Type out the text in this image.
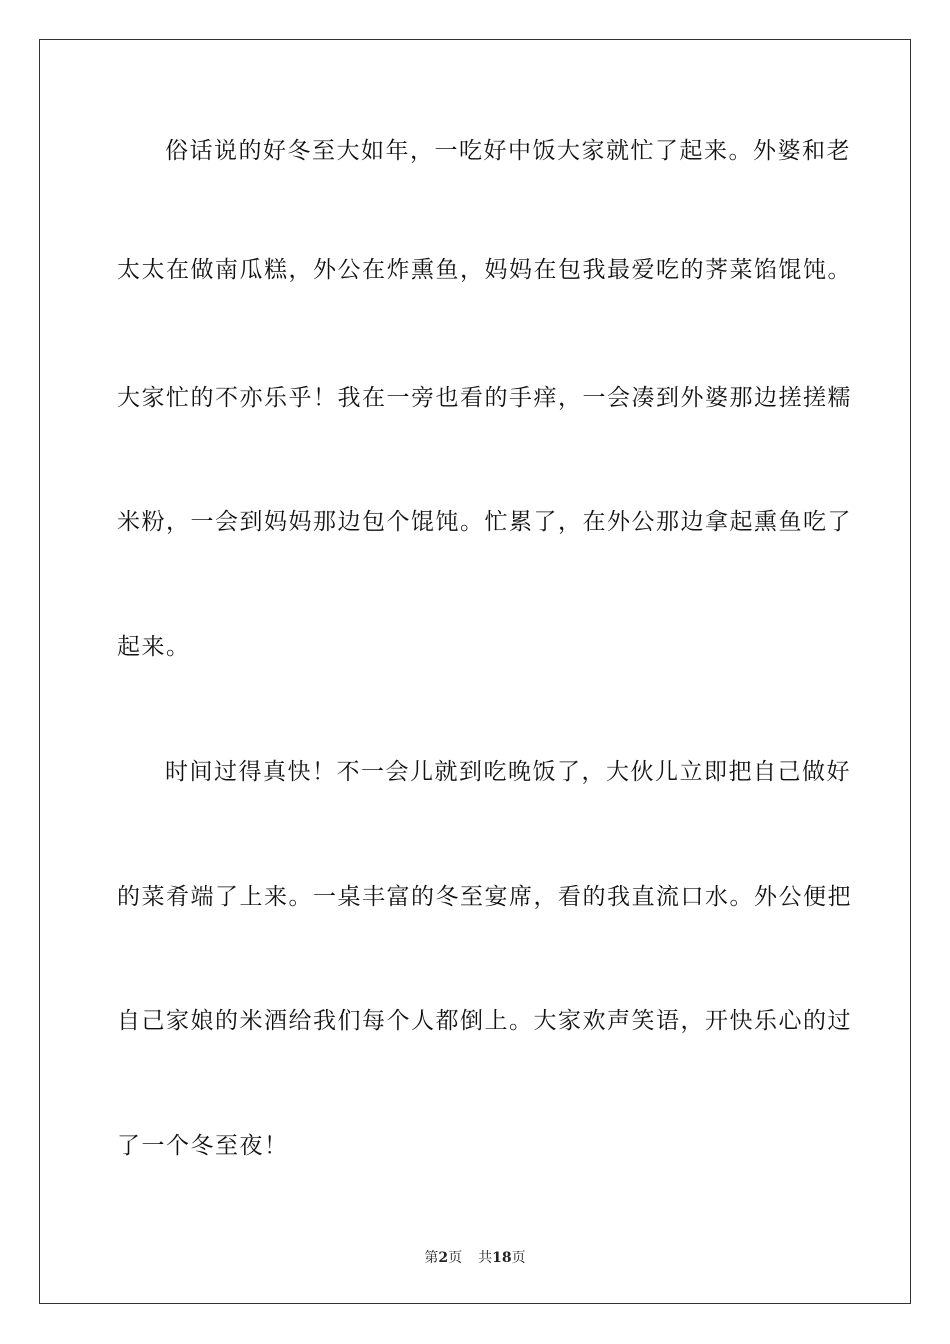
俗话说的好冬至大如年，一吃好中饭大家就忙了起来。外婆和老
太太在做南瓜糕，外公在炸熏鱼，妈妈在包我最爱吃的荠菜馅馄饨。
大家忙的不亦乐乎！我在一旁也看的手痒，一会凑到外婆那边搓搓糯
米粉，一会到妈妈那边包个馄饨。忙累了，在外公那边拿起熏鱼吃了
起来。
时间过得真快！不一会儿就到吃晚饭了，大伙儿立即把自己做好
的菜肴端了上来。一桌丰富的冬至宴席，看的我直流口水。外公便把
自己家娘的米酒给我们每个人都倒上。大家欢声笑语，开快乐心的过
了一个冬至夜！
第2页 共18页
